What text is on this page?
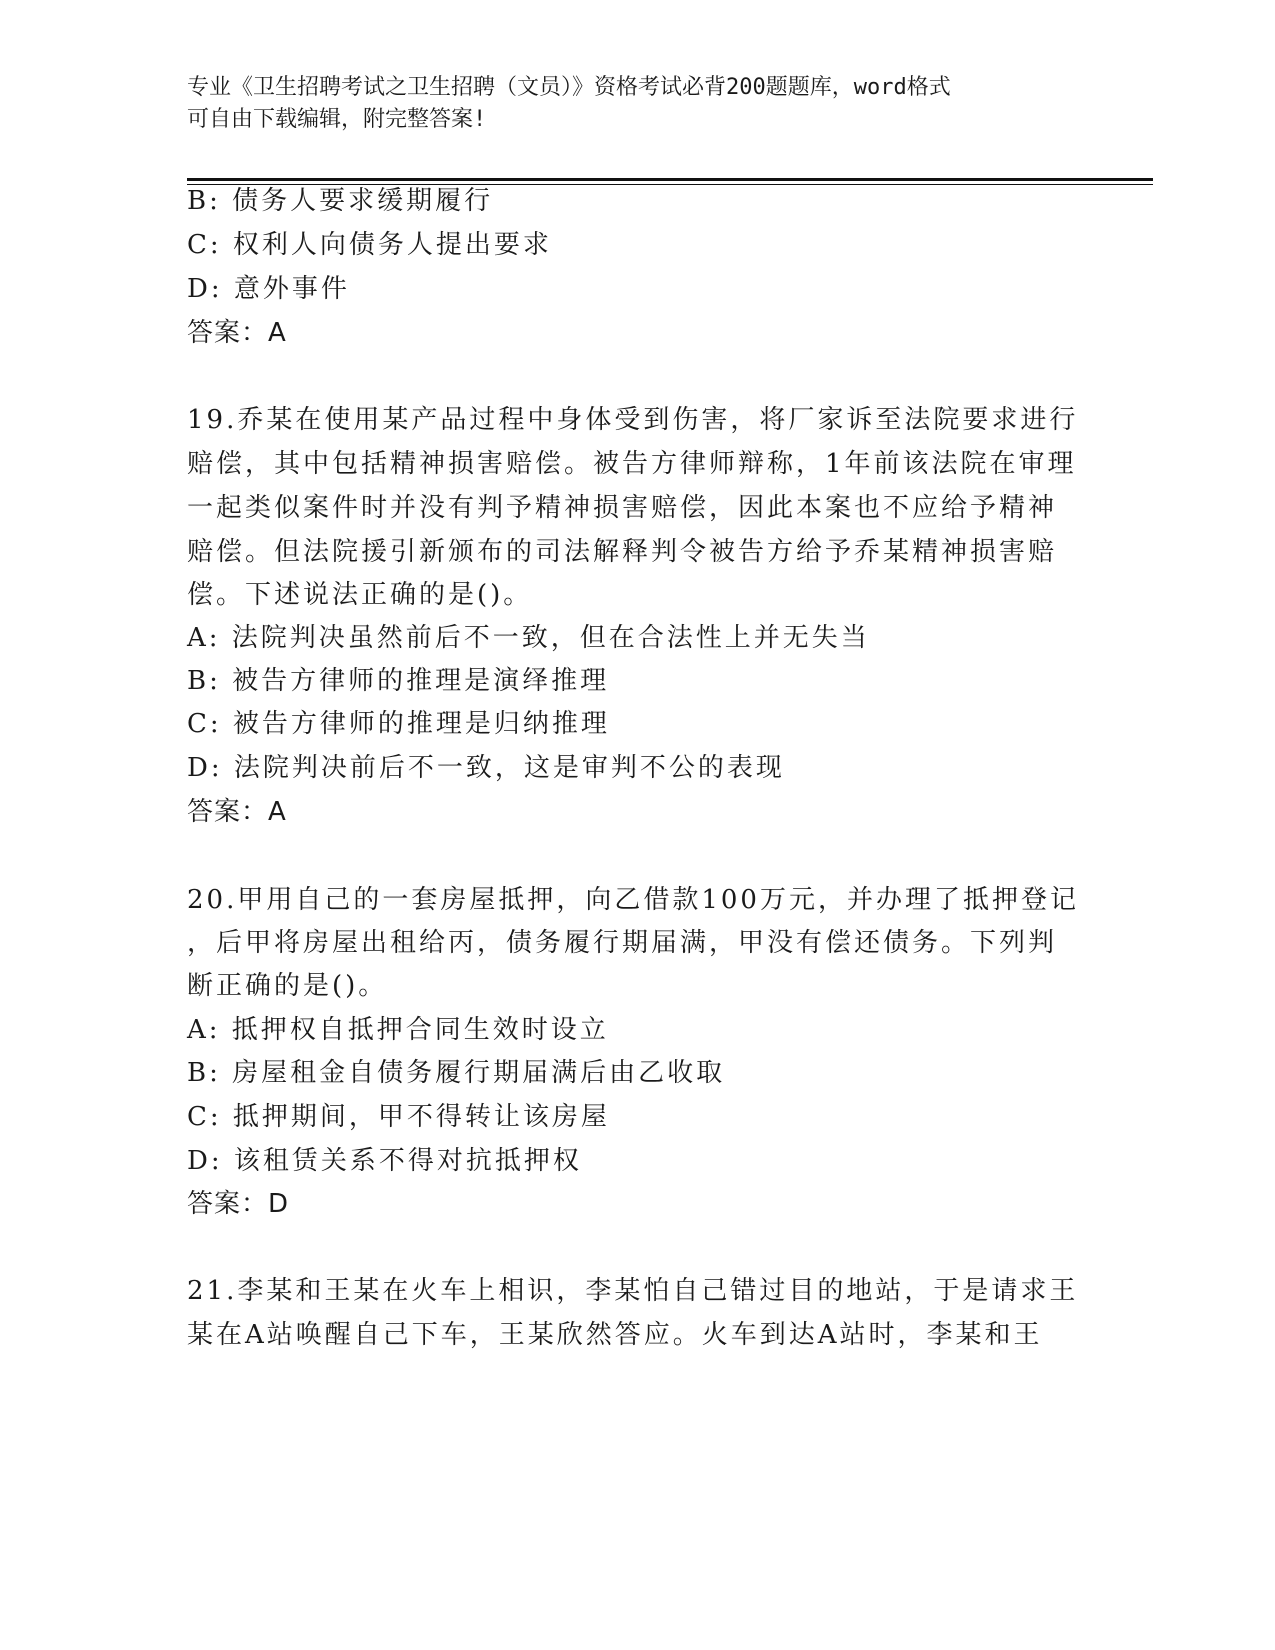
专业《卫生招聘考试之卫生招聘（文员）》资格考试必背200题题库，word格式
可自由下载编辑，附完整答案!
B: 债务人要求缓期履行
C: 权利人向债务人提出要求
D: 意外事件
答案：A
19.乔某在使用某产品过程中身体受到伤害，将厂家诉至法院要求进行
赔偿，其中包括精神损害赔偿。被告方律师辩称，1年前该法院在审理
一起类似案件时并没有判予精神损害赔偿，因此本案也不应给予精神
赔偿。但法院援引新颁布的司法解释判令被告方给予乔某精神损害赔
偿。下述说法正确的是()。
A: 法院判决虽然前后不一致，但在合法性上并无失当
B: 被告方律师的推理是演绎推理
C: 被告方律师的推理是归纳推理
D: 法院判决前后不一致，这是审判不公的表现
答案：A
20.甲用自己的一套房屋抵押，向乙借款100万元，并办理了抵押登记
，后甲将房屋出租给丙，债务履行期届满，甲没有偿还债务。下列判
断正确的是()。
A: 抵押权自抵押合同生效时设立
B: 房屋租金自债务履行期届满后由乙收取
C: 抵押期间，甲不得转让该房屋
D: 该租赁关系不得对抗抵押权
答案：D
21.李某和王某在火车上相识，李某怕自己错过目的地站，于是请求王
某在A站唤醒自己下车，王某欣然答应。火车到达A站时，李某和王
